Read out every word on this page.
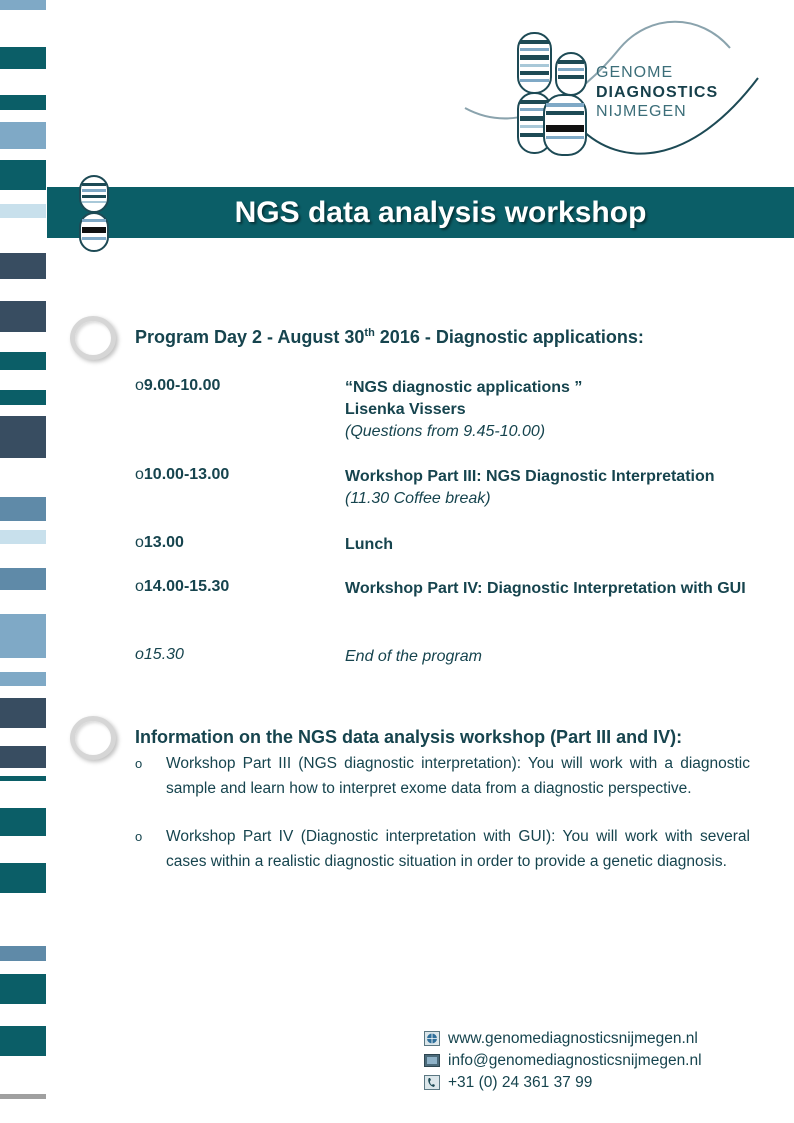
GENOME
DIAGNOSTICS
NIJMEGEN
NGS data analysis workshop
Program Day 2 - August 30th 2016 - Diagnostic applications:
o9.00-10.00	“NGS diagnostic applications ”
Lisenka Vissers
(Questions from 9.45-10.00)
o10.00-13.00	Workshop Part III: NGS Diagnostic Interpretation
(11.30 Coffee break)
o13.00	Lunch
o14.00-15.30	Workshop Part IV: Diagnostic Interpretation with GUI
o15.30	End of the program
Information on the NGS data analysis workshop (Part III and IV):
o Workshop Part III (NGS diagnostic interpretation): You will work with a diagnostic sample and learn how to interpret exome data from a diagnostic perspective.
o Workshop Part IV (Diagnostic interpretation with GUI): You will work with several cases within a realistic diagnostic situation in order to provide a genetic diagnosis.
www.genomediagnosticsnijmegen.nl
info@genomediagnosticsnijmegen.nl
+31 (0) 24 361 37 99
